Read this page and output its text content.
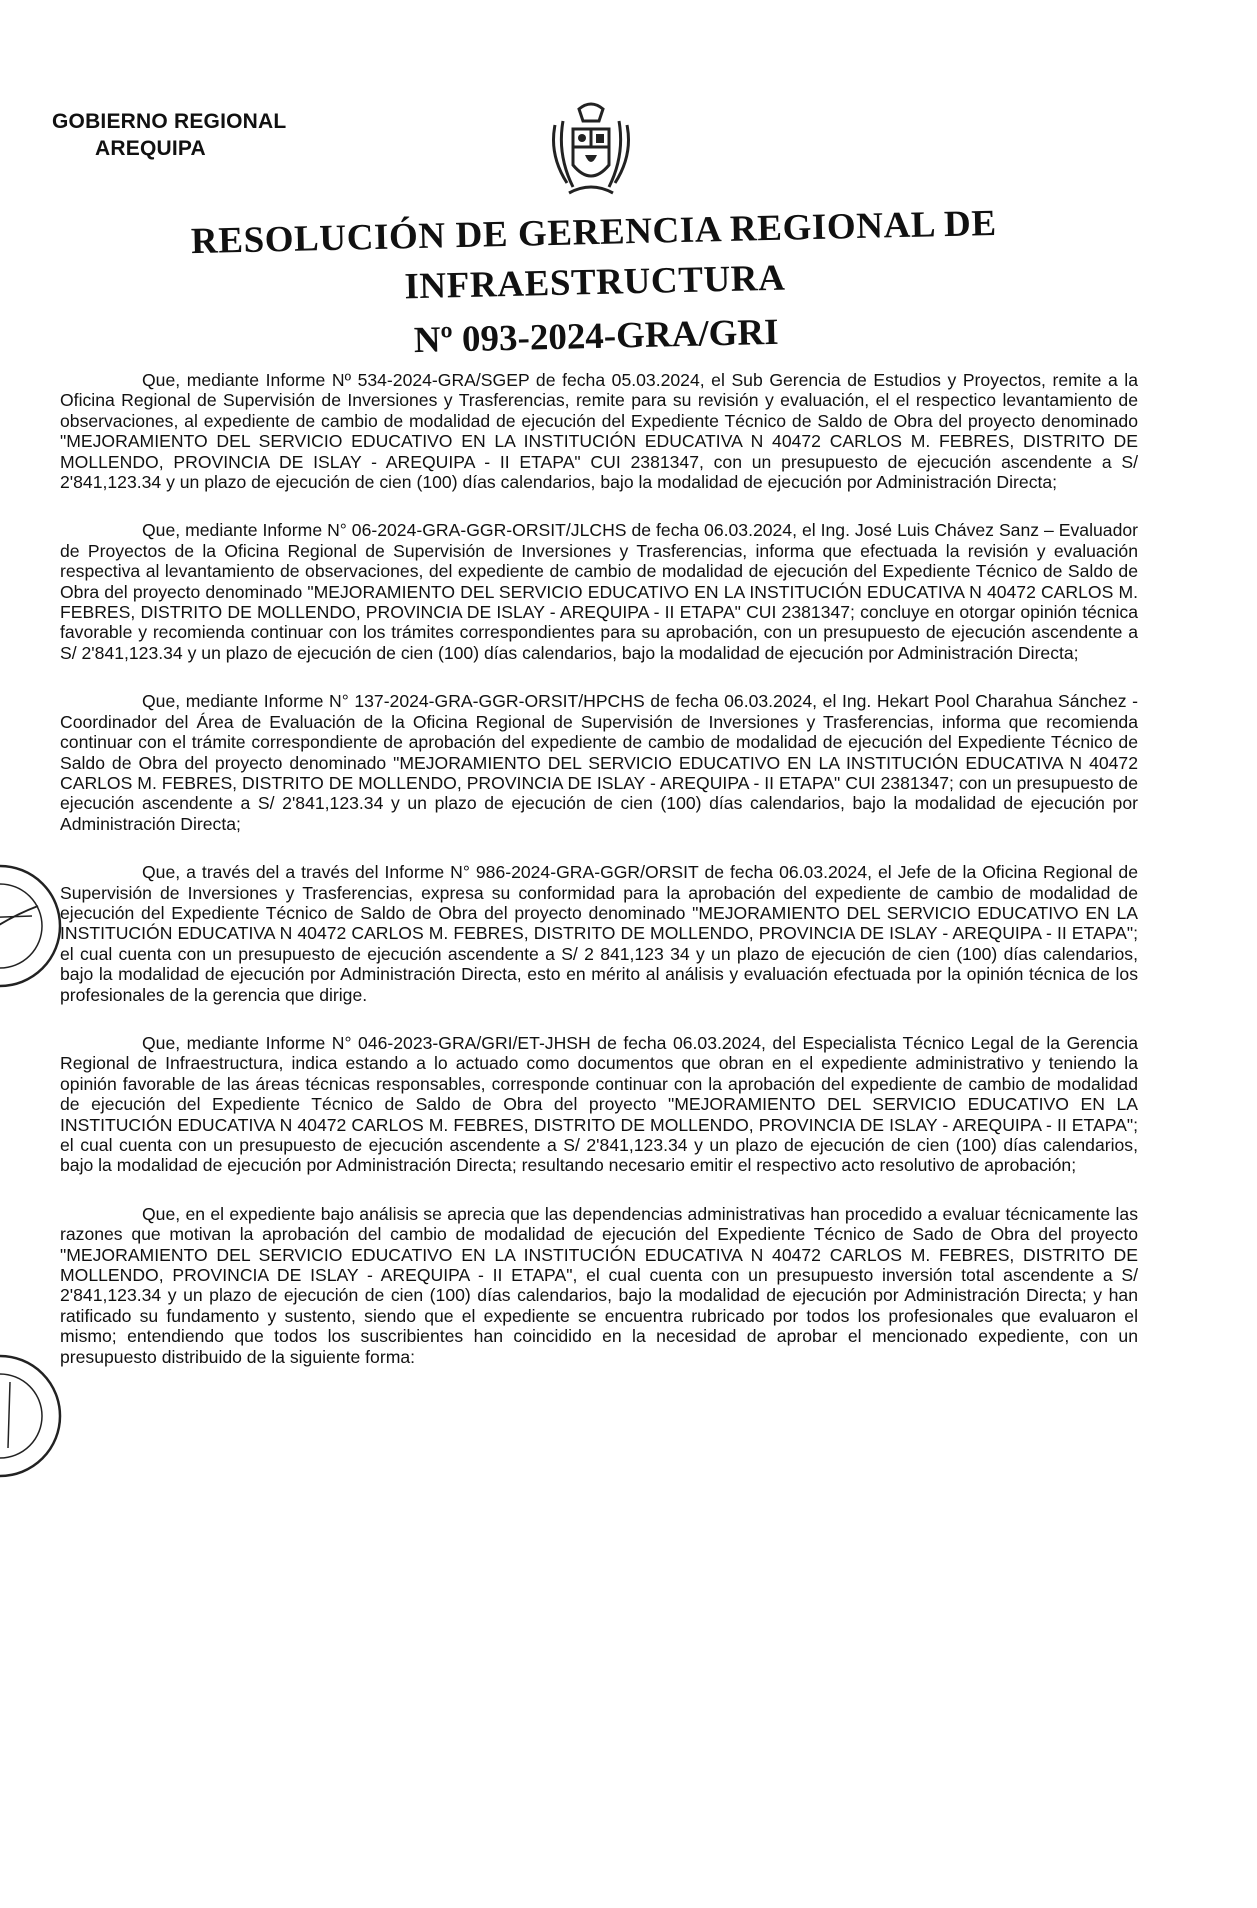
GOBIERNO REGIONAL
AREQUIPA
RESOLUCIÓN DE GERENCIA REGIONAL DE INFRAESTRUCTURA
Nº 093-2024-GRA/GRI

Que, mediante Informe Nº 534-2024-GRA/SGEP de fecha 05.03.2024, el Sub Gerencia de Estudios y Proyectos, remite a la Oficina Regional de Supervisión de Inversiones y Trasferencias, remite para su revisión y evaluación, el el respectico levantamiento de observaciones, al expediente de cambio de modalidad de ejecución del Expediente Técnico de Saldo de Obra del proyecto denominado "MEJORAMIENTO DEL SERVICIO EDUCATIVO EN LA INSTITUCIÓN EDUCATIVA N 40472 CARLOS M. FEBRES, DISTRITO DE MOLLENDO, PROVINCIA DE ISLAY - AREQUIPA - II ETAPA" CUI 2381347, con un presupuesto de ejecución ascendente a S/ 2'841,123.34 y un plazo de ejecución de cien (100) días calendarios, bajo la modalidad de ejecución por Administración Directa;

Que, mediante Informe N° 06-2024-GRA-GGR-ORSIT/JLCHS de fecha 06.03.2024, el Ing. José Luis Chávez Sanz – Evaluador de Proyectos de la Oficina Regional de Supervisión de Inversiones y Trasferencias, informa que efectuada la revisión y evaluación respectiva al levantamiento de observaciones, del expediente de cambio de modalidad de ejecución del Expediente Técnico de Saldo de Obra del proyecto denominado "MEJORAMIENTO DEL SERVICIO EDUCATIVO EN LA INSTITUCIÓN EDUCATIVA N 40472 CARLOS M. FEBRES, DISTRITO DE MOLLENDO, PROVINCIA DE ISLAY - AREQUIPA - II ETAPA" CUI 2381347; concluye en otorgar opinión técnica favorable y recomienda continuar con los trámites correspondientes para su aprobación, con un presupuesto de ejecución ascendente a S/ 2'841,123.34 y un plazo de ejecución de cien (100) días calendarios, bajo la modalidad de ejecución por Administración Directa;

Que, mediante Informe N° 137-2024-GRA-GGR-ORSIT/HPCHS de fecha 06.03.2024, el Ing. Hekart Pool Charahua Sánchez - Coordinador del Área de Evaluación de la Oficina Regional de Supervisión de Inversiones y Trasferencias, informa que recomienda continuar con el trámite correspondiente de aprobación del expediente de cambio de modalidad de ejecución del Expediente Técnico de Saldo de Obra del proyecto denominado "MEJORAMIENTO DEL SERVICIO EDUCATIVO EN LA INSTITUCIÓN EDUCATIVA N 40472 CARLOS M. FEBRES, DISTRITO DE MOLLENDO, PROVINCIA DE ISLAY - AREQUIPA - II ETAPA" CUI 2381347; con un presupuesto de ejecución ascendente a S/ 2'841,123.34 y un plazo de ejecución de cien (100) días calendarios, bajo la modalidad de ejecución por Administración Directa;

Que, a través del a través del Informe N° 986-2024-GRA-GGR/ORSIT de fecha 06.03.2024, el Jefe de la Oficina Regional de Supervisión de Inversiones y Trasferencias, expresa su conformidad para la aprobación del expediente de cambio de modalidad de ejecución del Expediente Técnico de Saldo de Obra del proyecto denominado "MEJORAMIENTO DEL SERVICIO EDUCATIVO EN LA INSTITUCIÓN EDUCATIVA N 40472 CARLOS M. FEBRES, DISTRITO DE MOLLENDO, PROVINCIA DE ISLAY - AREQUIPA - II ETAPA"; el cual cuenta con un presupuesto de ejecución ascendente a S/ 2 841,123 34 y un plazo de ejecución de cien (100) días calendarios, bajo la modalidad de ejecución por Administración Directa, esto en mérito al análisis y evaluación efectuada por la opinión técnica de los profesionales de la gerencia que dirige.

Que, mediante Informe N° 046-2023-GRA/GRI/ET-JHSH de fecha 06.03.2024, del Especialista Técnico Legal de la Gerencia Regional de Infraestructura, indica estando a lo actuado como documentos que obran en el expediente administrativo y teniendo la opinión favorable de las áreas técnicas responsables, corresponde continuar con la aprobación del expediente de cambio de modalidad de ejecución del Expediente Técnico de Saldo de Obra del proyecto "MEJORAMIENTO DEL SERVICIO EDUCATIVO EN LA INSTITUCIÓN EDUCATIVA N 40472 CARLOS M. FEBRES, DISTRITO DE MOLLENDO, PROVINCIA DE ISLAY - AREQUIPA - II ETAPA"; el cual cuenta con un presupuesto de ejecución ascendente a S/ 2'841,123.34 y un plazo de ejecución de cien (100) días calendarios, bajo la modalidad de ejecución por Administración Directa; resultando necesario emitir el respectivo acto resolutivo de aprobación;

Que, en el expediente bajo análisis se aprecia que las dependencias administrativas han procedido a evaluar técnicamente las razones que motivan la aprobación del cambio de modalidad de ejecución del Expediente Técnico de Sado de Obra del proyecto "MEJORAMIENTO DEL SERVICIO EDUCATIVO EN LA INSTITUCIÓN EDUCATIVA N 40472 CARLOS M. FEBRES, DISTRITO DE MOLLENDO, PROVINCIA DE ISLAY - AREQUIPA - II ETAPA", el cual cuenta con un presupuesto inversión total ascendente a S/ 2'841,123.34 y un plazo de ejecución de cien (100) días calendarios, bajo la modalidad de ejecución por Administración Directa; y han ratificado su fundamento y sustento, siendo que el expediente se encuentra rubricado por todos los profesionales que evaluaron el mismo; entendiendo que todos los suscribientes han coincidido en la necesidad de aprobar el mencionado expediente, con un presupuesto distribuido de la siguiente forma:
